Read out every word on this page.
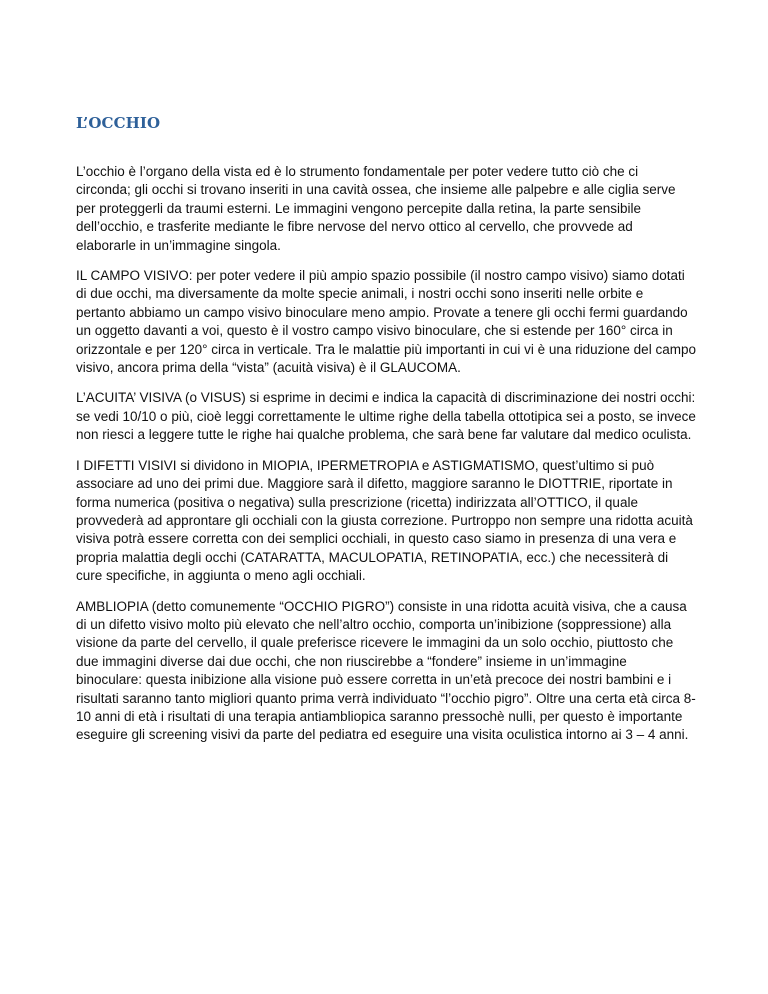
L’OCCHIO

L’occhio è l’organo della vista ed è lo strumento fondamentale per poter vedere tutto ciò che ci circonda; gli occhi si trovano inseriti in una cavità ossea, che insieme alle palpebre e alle ciglia serve per proteggerli da traumi esterni. Le immagini vengono percepite dalla retina, la parte sensibile dell’occhio, e trasferite mediante le fibre nervose del nervo ottico al cervello, che provvede ad elaborarle in un’immagine singola.

IL CAMPO VISIVO: per poter vedere il più ampio spazio possibile (il nostro campo visivo) siamo dotati di due occhi, ma diversamente da molte specie animali, i nostri occhi sono inseriti nelle orbite e pertanto abbiamo un campo visivo binoculare meno ampio. Provate a tenere gli occhi fermi guardando un oggetto davanti a voi, questo è il vostro campo visivo binoculare, che si estende per 160° circa in orizzontale e per 120° circa in verticale. Tra le malattie più importanti in cui vi è una riduzione del campo visivo, ancora prima della “vista” (acuità visiva) è il GLAUCOMA.

L’ACUITA’ VISIVA (o VISUS) si esprime in decimi e indica la capacità di discriminazione dei nostri occhi: se vedi 10/10 o più, cioè leggi correttamente le ultime righe della tabella ottotipica sei a posto, se invece non riesci a leggere tutte le righe hai qualche problema, che sarà bene far valutare dal medico oculista.

I DIFETTI VISIVI si dividono in MIOPIA, IPERMETROPIA e ASTIGMATISMO, quest’ultimo si può associare ad uno dei primi due. Maggiore sarà il difetto, maggiore saranno le DIOTTRIE, riportate in forma numerica (positiva o negativa) sulla prescrizione (ricetta) indirizzata all’OTTICO, il quale provvederà ad approntare gli occhiali con la giusta correzione. Purtroppo non sempre una ridotta acuità visiva potrà essere corretta con dei semplici occhiali, in questo caso siamo in presenza di una vera e propria malattia degli occhi (CATARATTA, MACULOPATIA, RETINOPATIA, ecc.) che necessiterà di cure specifiche, in aggiunta o meno agli occhiali.

AMBLIOPIA (detto comunemente “OCCHIO PIGRO”) consiste in una ridotta acuità visiva, che a causa di un difetto visivo molto più elevato che nell’altro occhio, comporta un’inibizione (soppressione) alla visione da parte del cervello, il quale preferisce ricevere le immagini da un solo occhio, piuttosto che due immagini diverse dai due occhi, che non riuscirebbe a “fondere” insieme in un’immagine binoculare: questa inibizione alla visione può essere corretta in un’età precoce dei nostri bambini e i risultati saranno tanto migliori quanto prima verrà individuato “l’occhio pigro”. Oltre una certa età circa 8-10 anni di età i risultati di una terapia antiambliopica saranno pressochè nulli, per questo è importante eseguire gli screening visivi da parte del pediatra ed eseguire una visita oculistica intorno ai 3 – 4 anni.
